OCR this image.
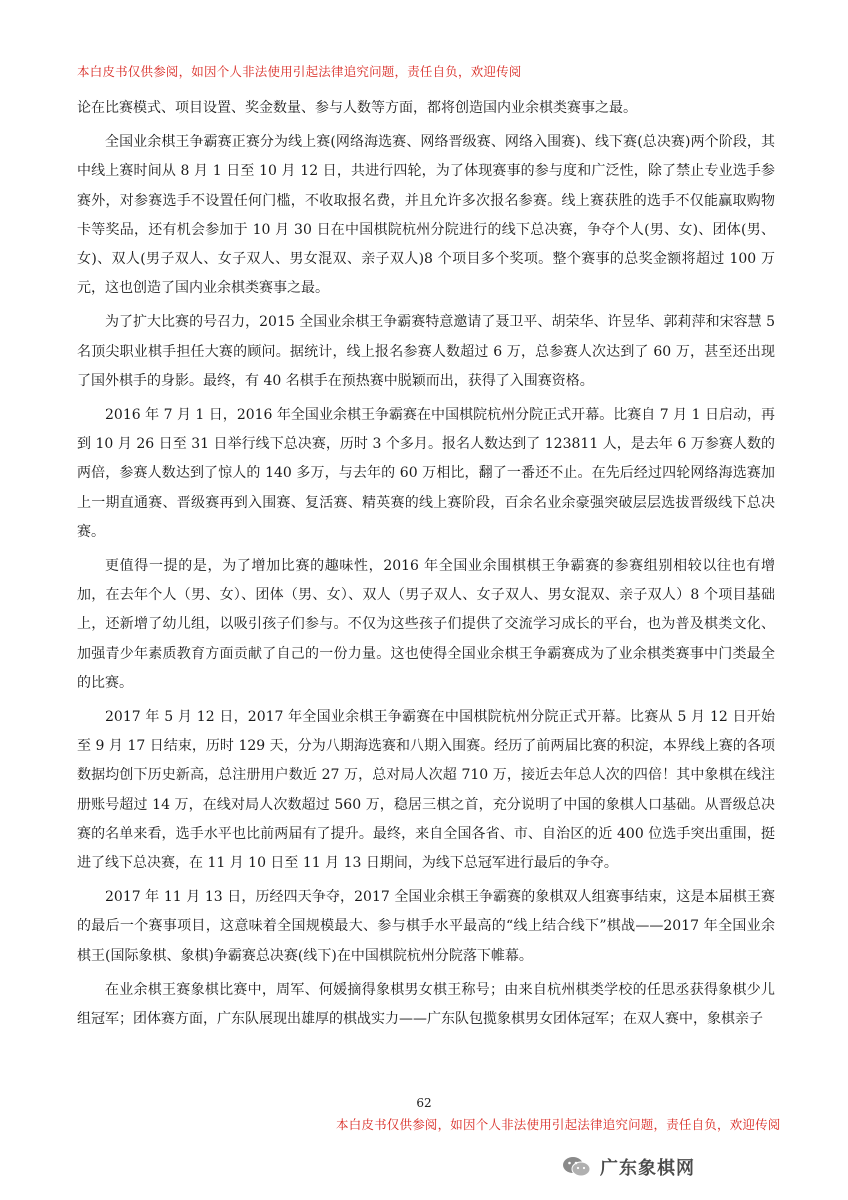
本白皮书仅供参阅，如因个人非法使用引起法律追究问题，责任自负，欢迎传阅

论在比赛模式、项目设置、奖金数量、参与人数等方面，都将创造国内业余棋类赛事之最。

全国业余棋王争霸赛正赛分为线上赛(网络海选赛、网络晋级赛、网络入围赛)、线下赛(总决赛)两个阶段，其中线上赛时间从 8 月 1 日至 10 月 12 日，共进行四轮，为了体现赛事的参与度和广泛性，除了禁止专业选手参赛外，对参赛选手不设置任何门槛，不收取报名费，并且允许多次报名参赛。线上赛获胜的选手不仅能赢取购物卡等奖品，还有机会参加于 10 月 30 日在中国棋院杭州分院进行的线下总决赛，争夺个人(男、女)、团体(男、女)、双人(男子双人、女子双人、男女混双、亲子双人)8 个项目多个奖项。整个赛事的总奖金额将超过 100 万元，这也创造了国内业余棋类赛事之最。

为了扩大比赛的号召力，2015 全国业余棋王争霸赛特意邀请了聂卫平、胡荣华、许昱华、郭莉萍和宋容慧 5 名顶尖职业棋手担任大赛的顾问。据统计，线上报名参赛人数超过 6 万，总参赛人次达到了 60 万，甚至还出现了国外棋手的身影。最终，有 40 名棋手在预热赛中脱颖而出，获得了入围赛资格。

2016 年 7 月 1 日，2016 年全国业余棋王争霸赛在中国棋院杭州分院正式开幕。比赛自 7 月 1 日启动，再到 10 月 26 日至 31 日举行线下总决赛，历时 3 个多月。报名人数达到了 123811 人，是去年 6 万参赛人数的两倍，参赛人数达到了惊人的 140 多万，与去年的 60 万相比，翻了一番还不止。在先后经过四轮网络海选赛加上一期直通赛、晋级赛再到入围赛、复活赛、精英赛的线上赛阶段，百余名业余豪强突破层层选拔晋级线下总决赛。

更值得一提的是，为了增加比赛的趣味性，2016 年全国业余围棋棋王争霸赛的参赛组别相较以往也有增加，在去年个人（男、女）、团体（男、女）、双人（男子双人、女子双人、男女混双、亲子双人）8 个项目基础上，还新增了幼儿组，以吸引孩子们参与。不仅为这些孩子们提供了交流学习成长的平台，也为普及棋类文化、加强青少年素质教育方面贡献了自己的一份力量。这也使得全国业余棋王争霸赛成为了业余棋类赛事中门类最全的比赛。

2017 年 5 月 12 日，2017 年全国业余棋王争霸赛在中国棋院杭州分院正式开幕。比赛从 5 月 12 日开始至 9 月 17 日结束，历时 129 天，分为八期海选赛和八期入围赛。经历了前两届比赛的积淀，本界线上赛的各项数据均创下历史新高，总注册用户数近 27 万，总对局人次超 710 万，接近去年总人次的四倍！其中象棋在线注册账号超过 14 万，在线对局人次数超过 560 万，稳居三棋之首，充分说明了中国的象棋人口基础。从晋级总决赛的名单来看，选手水平也比前两届有了提升。最终，来自全国各省、市、自治区的近 400 位选手突出重围，挺进了线下总决赛，在 11 月 10 日至 11 月 13 日期间，为线下总冠军进行最后的争夺。

2017 年 11 月 13 日，历经四天争夺，2017 全国业余棋王争霸赛的象棋双人组赛事结束，这是本届棋王赛的最后一个赛事项目，这意味着全国规模最大、参与棋手水平最高的“线上结合线下”棋战——2017 年全国业余棋王(国际象棋、象棋)争霸赛总决赛(线下)在中国棋院杭州分院落下帷幕。

在业余棋王赛象棋比赛中，周军、何媛摘得象棋男女棋王称号；由来自杭州棋类学校的任思丞获得象棋少儿组冠军；团体赛方面，广东队展现出雄厚的棋战实力——广东队包揽象棋男女团体冠军；在双人赛中，象棋亲子

62
本白皮书仅供参阅，如因个人非法使用引起法律追究问题，责任自负，欢迎传阅
广东象棋网
